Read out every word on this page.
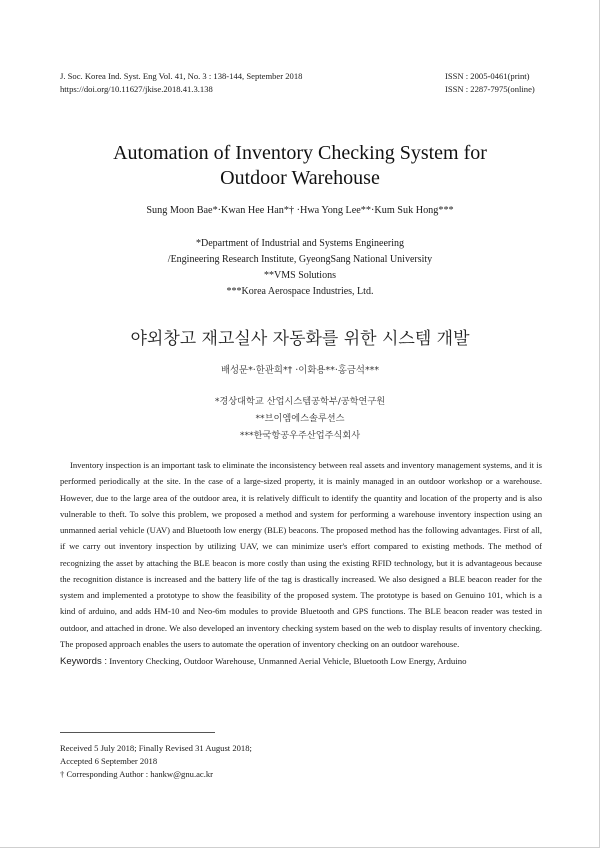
J. Soc. Korea Ind. Syst. Eng Vol. 41, No. 3 : 138-144, September 2018
https://doi.org/10.11627/jkise.2018.41.3.138
ISSN : 2005-0461(print)
ISSN : 2287-7975(online)
Automation of Inventory Checking System for
Outdoor Warehouse
Sung Moon Bae*·Kwan Hee Han*† ·Hwa Yong Lee**·Kum Suk Hong***
*Department of Industrial and Systems Engineering
/Engineering Research Institute, GyeongSang National University
**VMS Solutions
***Korea Aerospace Industries, Ltd.
야외창고 재고실사 자동화를 위한 시스템 개발
배성문*·한관희*† ·이화용**·홍금석***
*경상대학교 산업시스템공학부/공학연구원
**브이엠에스솔루션스
***한국항공우주산업주식회사

Inventory inspection is an important task to eliminate the inconsistency between real assets and inventory management systems, and it is performed periodically at the site. In the case of a large-sized property, it is mainly managed in an outdoor workshop or a warehouse. However, due to the large area of the outdoor area, it is relatively difficult to identify the quantity and location of the property and is also vulnerable to theft. To solve this problem, we proposed a method and system for performing a warehouse inventory inspection using an unmanned aerial vehicle (UAV) and Bluetooth low energy (BLE) beacons. The proposed method has the following advantages. First of all, if we carry out inventory inspection by utilizing UAV, we can minimize user's effort compared to existing methods. The method of recognizing the asset by attaching the BLE beacon is more costly than using the existing RFID technology, but it is advantageous because the recognition distance is increased and the battery life of the tag is drastically increased. We also designed a BLE beacon reader for the system and implemented a prototype to show the feasibility of the proposed system. The prototype is based on Genuino 101, which is a kind of arduino, and adds HM-10 and Neo-6m modules to provide Bluetooth and GPS functions. The BLE beacon reader was tested in outdoor, and attached in drone. We also developed an inventory checking system based on the web to display results of inventory checking. The proposed approach enables the users to automate the operation of inventory checking on an outdoor warehouse.

Keywords : Inventory Checking, Outdoor Warehouse, Unmanned Aerial Vehicle, Bluetooth Low Energy, Arduino
Received 5 July 2018; Finally Revised 31 August 2018;
Accepted 6 September 2018
† Corresponding Author : hankw@gnu.ac.kr
